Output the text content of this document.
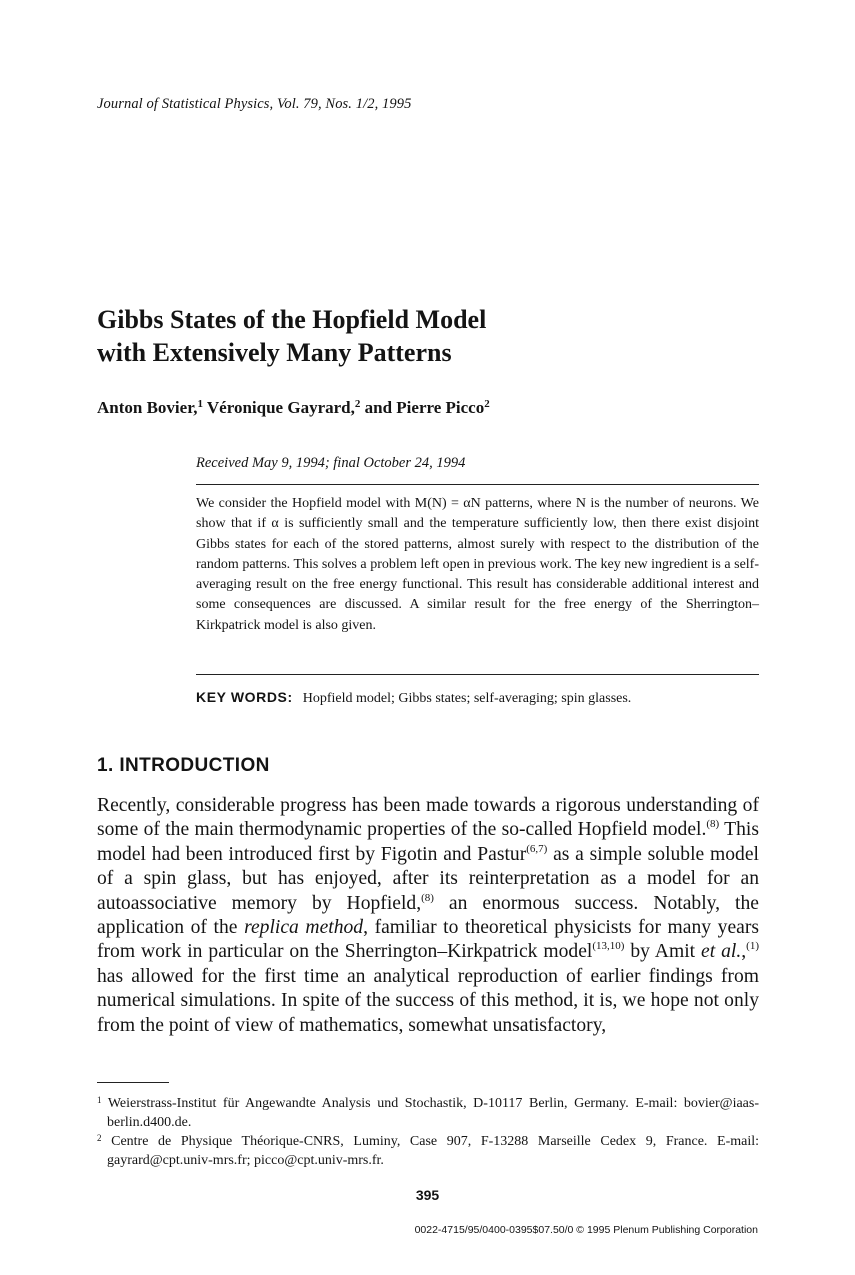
Journal of Statistical Physics, Vol. 79, Nos. 1/2, 1995
Gibbs States of the Hopfield Model
with Extensively Many Patterns
Anton Bovier,$^1$ Véronique Gayrard,$^2$ and Pierre Picco$^2$
Received May 9, 1994; final October 24, 1994
We consider the Hopfield model with M(N) = αN patterns, where N is the number of neurons. We show that if α is sufficiently small and the temperature sufficiently low, then there exist disjoint Gibbs states for each of the stored patterns, almost surely with respect to the distribution of the random patterns. This solves a problem left open in previous work. The key new ingredient is a self-averaging result on the free energy functional. This result has considerable additional interest and some consequences are discussed. A similar result for the free energy of the Sherrington–Kirkpatrick model is also given.
KEY WORDS: Hopfield model; Gibbs states; self-averaging; spin glasses.
1. INTRODUCTION

Recently, considerable progress has been made towards a rigorous understanding of some of the main thermodynamic properties of the so-called Hopfield model.$^{(8)}$ This model had been introduced first by Figotin and Pastur$^{(6,7)}$ as a simple soluble model of a spin glass, but has enjoyed, after its reinterpretation as a model for an autoassociative memory by Hopfield,$^{(8)}$ an enormous success. Notably, the application of the replica method, familiar to theoretical physicists for many years from work in particular on the Sherrington–Kirkpatrick model$^{(13,10)}$ by Amit et al.,$^{(1)}$ has allowed for the first time an analytical reproduction of earlier findings from numerical simulations. In spite of the success of this method, it is, we hope not only from the point of view of mathematics, somewhat unsatisfactory,

$^1$ Weierstrass-Institut für Angewandte Analysis und Stochastik, D-10117 Berlin, Germany. E-mail: bovier@iaas-berlin.d400.de.
$^2$ Centre de Physique Théorique-CNRS, Luminy, Case 907, F-13288 Marseille Cedex 9, France. E-mail: gayrard@cpt.univ-mrs.fr; picco@cpt.univ-mrs.fr.
395
0022-4715/95/0400-0395$07.50/0 © 1995 Plenum Publishing Corporation
